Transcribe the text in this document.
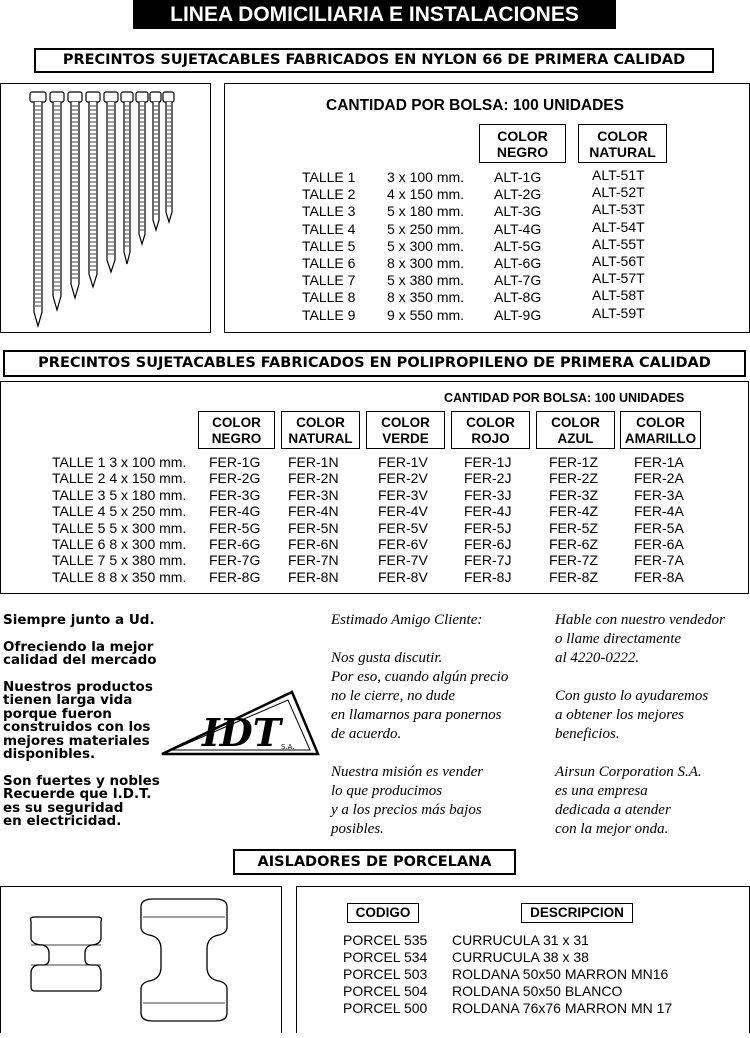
LINEA DOMICILIARIA E INSTALACIONES
PRECINTOS SUJETACABLES FABRICADOS EN NYLON 66 DE PRIMERA CALIDAD
CANTIDAD POR BOLSA: 100 UNIDADES
COLOR
NEGRO
COLOR
NATURAL
TALLE 1 3 x 100 mm. ALT-1G	ALT-51T
TALLE 2 4 x 150 mm. ALT-2G	ALT-52T
TALLE 3 5 x 180 mm. ALT-3G	ALT-53T
TALLE 4 5 x 250 mm. ALT-4G	ALT-54T
TALLE 5 5 x 300 mm. ALT-5G	ALT-55T
TALLE 6 8 x 300 mm. ALT-6G	ALT-56T
TALLE 7 5 x 380 mm. ALT-7G	ALT-57T
TALLE 8 8 x 350 mm. ALT-8G	ALT-58T
TALLE 9 9 x 550 mm. ALT-9G	ALT-59T
PRECINTOS SUJETACABLES FABRICADOS EN POLIPROPILENO DE PRIMERA CALIDAD
CANTIDAD POR BOLSA: 100 UNIDADES
COLOR
NEGRO
COLOR
NATURAL
COLOR
VERDE
COLOR
ROJO
COLOR
AZUL
COLOR
AMARILLO
TALLE 1 3 x 100 mm. FER-1G FER-1N	FER-1V	FER-1J	FER-1Z	FER-1A
TALLE 2 4 x 150 mm. FER-2G FER-2N	FER-2V	FER-2J	FER-2Z	FER-2A
TALLE 3 5 x 180 mm. FER-3G FER-3N	FER-3V	FER-3J	FER-3Z	FER-3A
TALLE 4 5 x 250 mm. FER-4G FER-4N	FER-4V	FER-4J	FER-4Z	FER-4A
TALLE 5 5 x 300 mm. FER-5G FER-5N	FER-5V	FER-5J	FER-5Z	FER-5A
TALLE 6 8 x 300 mm. FER-6G FER-6N	FER-6V	FER-6J	FER-6Z	FER-6A
TALLE 7 5 x 380 mm. FER-7G FER-7N	FER-7V	FER-7J	FER-7Z	FER-7A
TALLE 8 8 x 350 mm. FER-8G FER-8N	FER-8V	FER-8J	FER-8Z	FER-8A
Siempre junto a Ud.
Ofreciendo la mejor
calidad del mercado
Nuestros productos
tienen larga vida
porque fueron
construidos con los
mejores materiales
disponibles.
Son fuertes y nobles
Recuerde que I.D.T.
es su seguridad
en electricidad.
IDT S.A.
Estimado Amigo Cliente:
Nos gusta discutir.
Por eso, cuando algún precio
no le cierre, no dude
en llamarnos para ponernos
de acuerdo.
Nuestra misión es vender
lo que producimos
y a los precios más bajos
posibles.
Hable con nuestro vendedor
o llame directamente
al 4220-0222.
Con gusto lo ayudaremos
a obtener los mejores
beneficios.
Airsun Corporation S.A.
es una empresa
dedicada a atender
con la mejor onda.
AISLADORES DE PORCELANA
CODIGO	DESCRIPCION
PORCEL 535 CURRUCULA 31 x 31
PORCEL 534 CURRUCULA 38 x 38
PORCEL 503 ROLDANA 50x50 MARRON MN16
PORCEL 504 ROLDANA 50x50 BLANCO
PORCEL 500 ROLDANA 76x76 MARRON MN 17
